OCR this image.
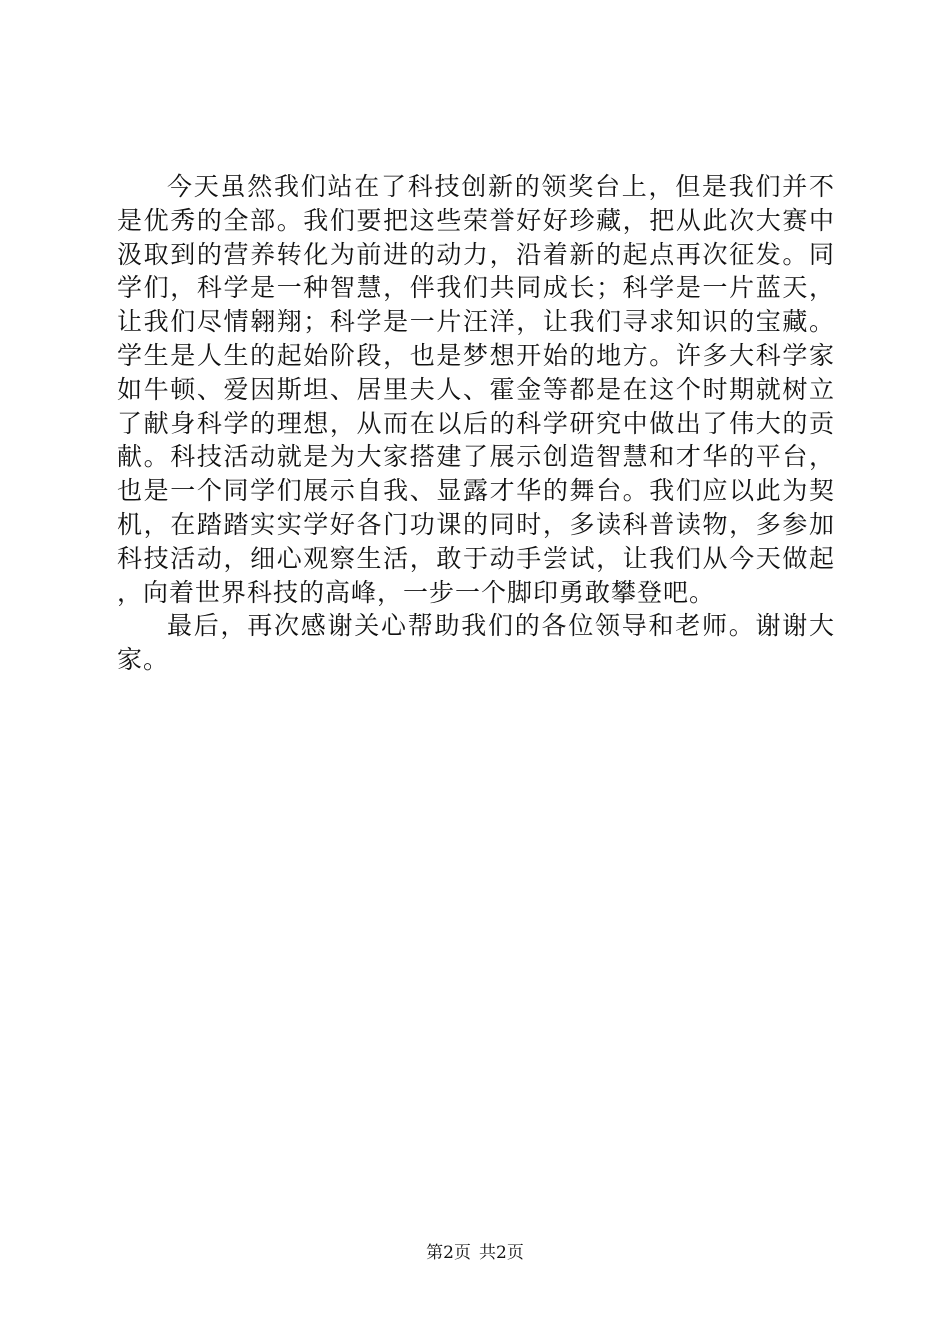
今天虽然我们站在了科技创新的领奖台上，但是我们并不是优秀的全部。我们要把这些荣誉好好珍藏，把从此次大赛中汲取到的营养转化为前进的动力，沿着新的起点再次征发。同学们，科学是一种智慧，伴我们共同成长；科学是一片蓝天，让我们尽情翱翔；科学是一片汪洋，让我们寻求知识的宝藏。学生是人生的起始阶段，也是梦想开始的地方。许多大科学家如牛顿、爱因斯坦、居里夫人、霍金等都是在这个时期就树立了献身科学的理想，从而在以后的科学研究中做出了伟大的贡献。科技活动就是为大家搭建了展示创造智慧和才华的平台，也是一个同学们展示自我、显露才华的舞台。我们应以此为契机，在踏踏实实学好各门功课的同时，多读科普读物，多参加科技活动，细心观察生活，敢于动手尝试，让我们从今天做起，向着世界科技的高峰，一步一个脚印勇敢攀登吧。

最后，再次感谢关心帮助我们的各位领导和老师。谢谢大家。

第2页 共2页
